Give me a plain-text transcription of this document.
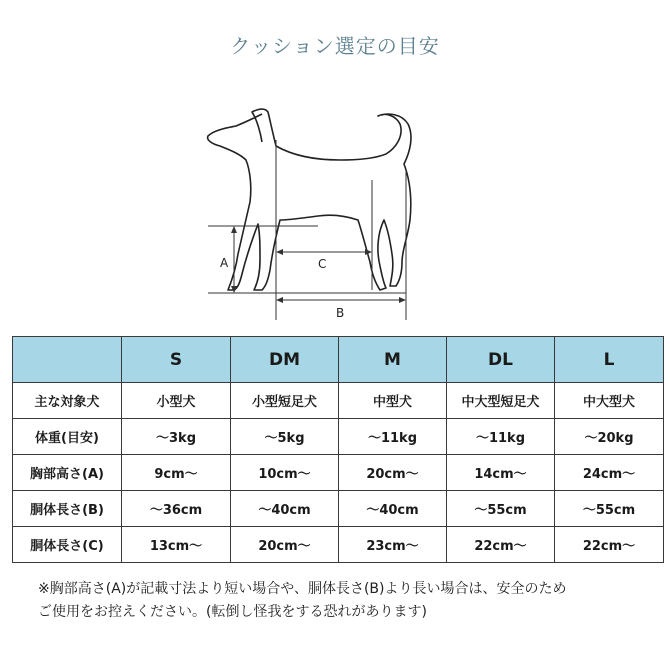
クッション選定の目安
A	C
B
	S	DM	M	DL	L
主な対象犬	小型犬	小型短足犬	中型犬	中大型短足犬	中大型犬
体重(目安)	〜3kg	〜5kg	〜11kg	〜11kg	〜20kg
胸部高さ(A)	9cm〜	10cm〜	20cm〜	14cm〜	24cm〜
胴体長さ(B)	〜36cm	〜40cm	〜40cm	〜55cm	〜55cm
胴体長さ(C)	13cm〜	20cm〜	23cm〜	22cm〜	22cm〜
※胸部高さ(A)が記載寸法より短い場合や、胴体長さ(B)より長い場合は、安全のため
ご使用をお控えください。(転倒し怪我をする恐れがあります)
